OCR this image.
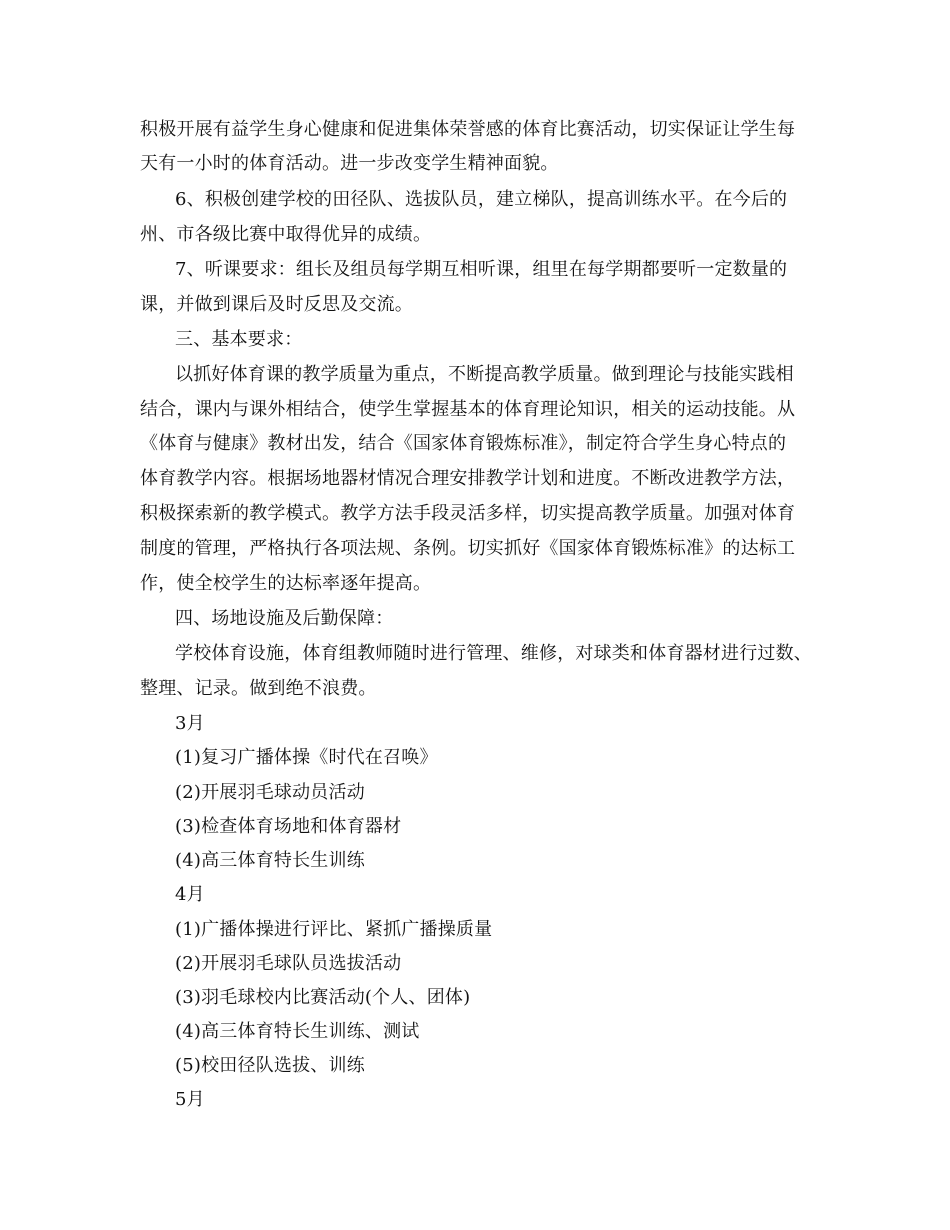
积极开展有益学生身心健康和促进集体荣誉感的体育比赛活动，切实保证让学生每
天有一小时的体育活动。进一步改变学生精神面貌。
6、积极创建学校的田径队、选拔队员，建立梯队，提高训练水平。在今后的
州、市各级比赛中取得优异的成绩。
7、听课要求：组长及组员每学期互相听课，组里在每学期都要听一定数量的
课，并做到课后及时反思及交流。
三、基本要求：
以抓好体育课的教学质量为重点，不断提高教学质量。做到理论与技能实践相
结合，课内与课外相结合，使学生掌握基本的体育理论知识，相关的运动技能。从
《体育与健康》教材出发，结合《国家体育锻炼标准》，制定符合学生身心特点的
体育教学内容。根据场地器材情况合理安排教学计划和进度。不断改进教学方法，
积极探索新的教学模式。教学方法手段灵活多样，切实提高教学质量。加强对体育
制度的管理，严格执行各项法规、条例。切实抓好《国家体育锻炼标准》的达标工
作，使全校学生的达标率逐年提高。
四、场地设施及后勤保障：
学校体育设施，体育组教师随时进行管理、维修，对球类和体育器材进行过数、
整理、记录。做到绝不浪费。
3月
(1)复习广播体操《时代在召唤》
(2)开展羽毛球动员活动
(3)检查体育场地和体育器材
(4)高三体育特长生训练
4月
(1)广播体操进行评比、紧抓广播操质量
(2)开展羽毛球队员选拔活动
(3)羽毛球校内比赛活动(个人、团体)
(4)高三体育特长生训练、测试
(5)校田径队选拔、训练
5月
